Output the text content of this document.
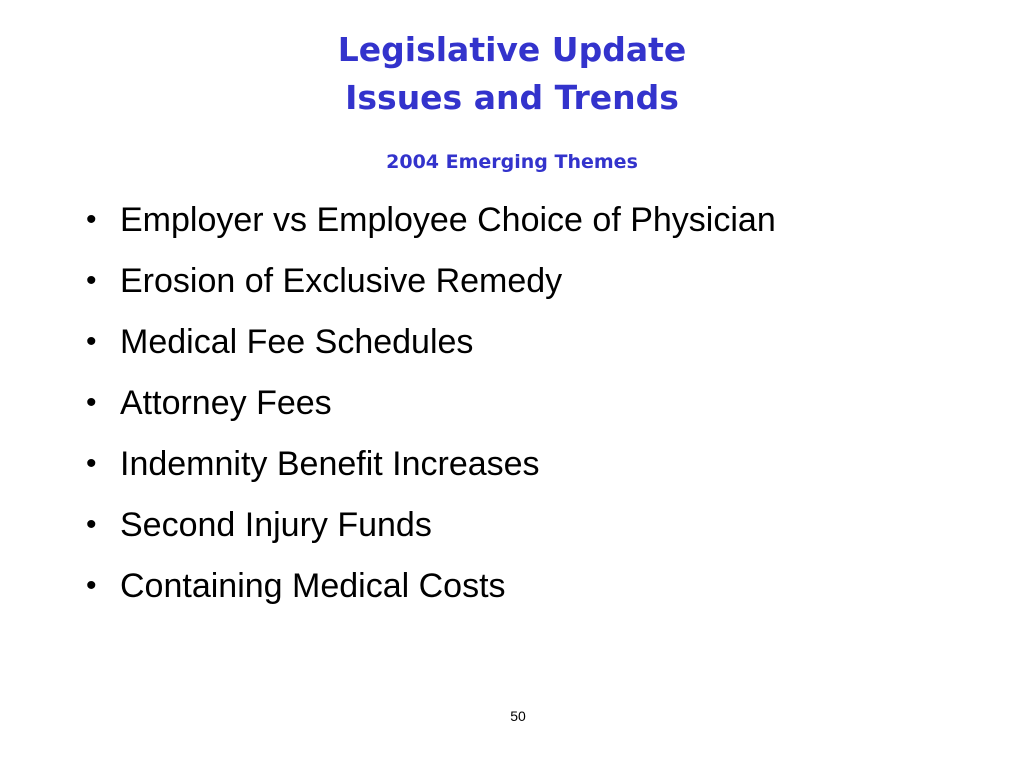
Legislative Update
Issues and Trends
2004 Emerging Themes
• Employer vs Employee Choice of Physician
• Erosion of Exclusive Remedy
• Medical Fee Schedules
• Attorney Fees
• Indemnity Benefit Increases
• Second Injury Funds
• Containing Medical Costs
50
